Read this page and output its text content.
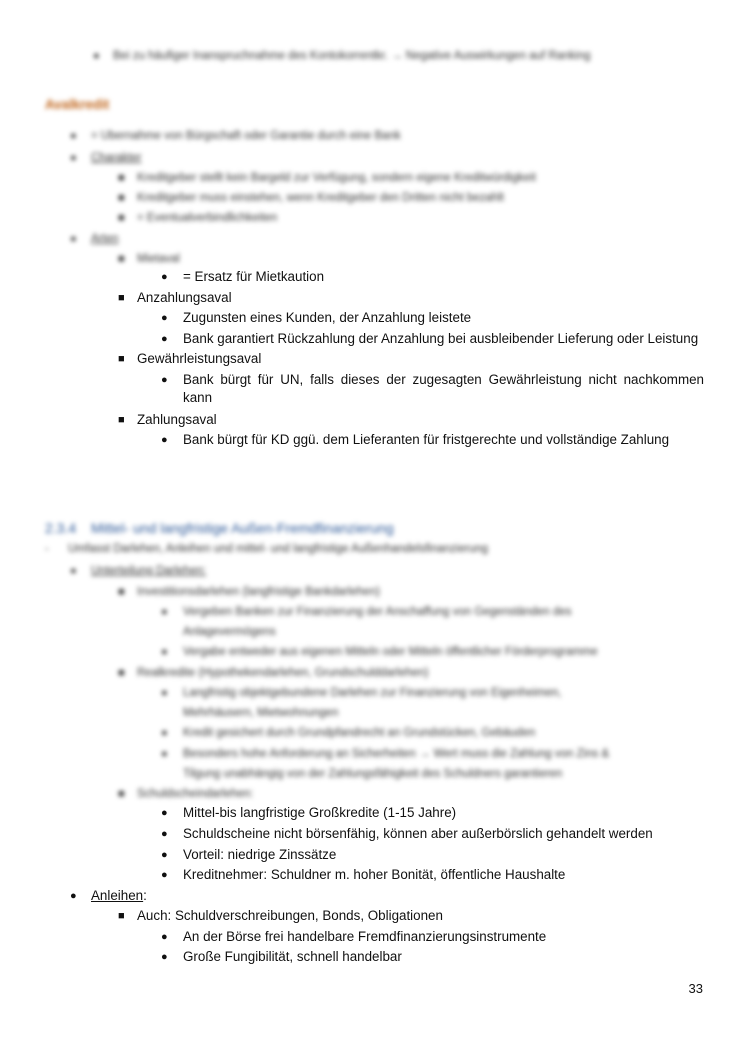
● Bei zu häufiger Inanspruchnahme des Kontokorrentkr. → Negative Auswirkungen auf Ranking
Avalkredit
● = Übernahme von Bürgschaft oder Garantie durch eine Bank
● Charakter
■ Kreditgeber stellt kein Bargeld zur Verfügung, sondern eigene Kreditwürdigkeit
■ Kreditgeber muss einstehen, wenn Kreditgeber den Dritten nicht bezahlt
■ = Eventualverbindlichkeiten
● Arten
■ Mietaval
● = Ersatz für Mietkaution
■ Anzahlungsaval
● Zugunsten eines Kunden, der Anzahlung leistete
● Bank garantiert Rückzahlung der Anzahlung bei ausbleibender Lieferung oder Leistung
■ Gewährleistungsaval
● Bank bürgt für UN, falls dieses der zugesagten Gewährleistung nicht nachkommen kann
■ Zahlungsaval
● Bank bürgt für KD ggü. dem Lieferanten für fristgerechte und vollständige Zahlung
2.3.4 Mittel- und langfristige Außen-Fremdfinanzierung
- Umfasst Darlehen, Anleihen und mittel- und langfristige Außenhandelsfinanzierung
● Unterteilung Darlehen:
■ Investitionsdarlehen (langfristige Bankdarlehen)
● Vergeben Banken zur Finanzierung der Anschaffung von Gegenständen des
Anlagevermögens
● Vergabe entweder aus eigenen Mitteln oder Mitteln öffentlicher Förderprogramme
■ Realkredite (Hypothekendarlehen, Grundschulddarlehen)
● Langfristig objektgebundene Darlehen zur Finanzierung von Eigenheimen,
Mehrhäusern, Mietwohnungen
● Kredit gesichert durch Grundpfandrecht an Grundstücken, Gebäuden
● Besonders hohe Anforderung an Sicherheiten → Wert muss die Zahlung von Zins &
Tilgung unabhängig von der Zahlungsfähigkeit des Schuldners garantieren
■ Schuldscheindarlehen:
● Mittel-bis langfristige Großkredite (1-15 Jahre)
● Schuldscheine nicht börsenfähig, können aber außerbörslich gehandelt werden
● Vorteil: niedrige Zinssätze
● Kreditnehmer: Schuldner m. hoher Bonität, öffentliche Haushalte
● Anleihen:
■ Auch: Schuldverschreibungen, Bonds, Obligationen
● An der Börse frei handelbare Fremdfinanzierungsinstrumente
● Große Fungibilität, schnell handelbar
33
